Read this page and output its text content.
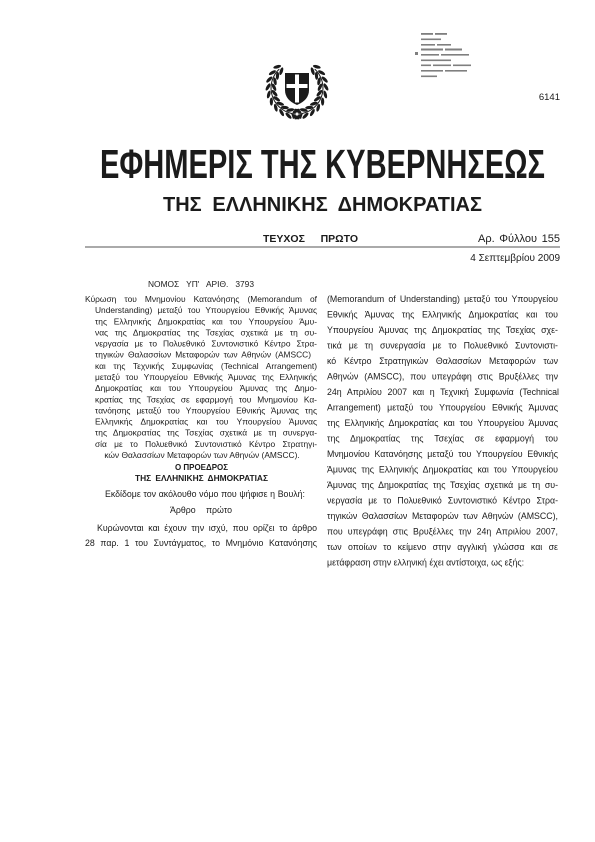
6141
ΕΦΗΜΕΡΙΣ ΤΗΣ ΚΥΒΕΡΝΗΣΕΩΣ
ΤΗΣ ΕΛΛΗΝΙΚΗΣ ΔΗΜΟΚΡΑΤΙΑΣ
ΤΕΥΧΟΣ ΠΡΩΤΟ	Αρ. Φύλλου 155
4 Σεπτεμβρίου 2009
ΝΟΜΟΣ ΥΠ' ΑΡΙΘ. 3793
Κύρωση του Μνημονίου Κατανόησης (Memorandum of
Understanding) μεταξύ του Υπουργείου Εθνικής Άμυνας
της Ελληνικής Δημοκρατίας και του Υπουργείου Άμυ-
νας της Δημοκρατίας της Τσεχίας σχετικά με τη συ-
νεργασία με το Πολυεθνικό Συντονιστικό Κέντρο Στρα-
τηγικών Θαλασσίων Μεταφορών των Αθηνών (AMSCC)
και της Τεχνικής Συμφωνίας (Technical Arrangement)
μεταξύ του Υπουργείου Εθνικής Άμυνας της Ελληνικής
Δημοκρατίας και του Υπουργείου Άμυνας της Δημο-
κρατίας της Τσεχίας σε εφαρμογή του Μνημονίου Κα-
τανόησης μεταξύ του Υπουργείου Εθνικής Άμυνας της
Ελληνικής Δημοκρατίας και του Υπουργείου Άμυνας
της Δημοκρατίας της Τσεχίας σχετικά με τη συνεργα-
σία με το Πολυεθνικό Συντονιστικό Κέντρο Στρατηγι-
κών Θαλασσίων Μεταφορών των Αθηνών (AMSCC).
Ο ΠΡΟΕΔΡΟΣ
ΤΗΣ ΕΛΛΗΝΙΚΗΣ ΔΗΜΟΚΡΑΤΙΑΣ
Εκδίδομε τον ακόλουθο νόμο που ψήφισε η Βουλή:
Άρθρο πρώτο
Κυρώνονται και έχουν την ισχύ, που ορίζει το άρθρο
28 παρ. 1 του Συντάγματος, το Μνημόνιο Κατανόησης
(Memorandum of Understanding) μεταξύ του Υπουργείου
Εθνικής Άμυνας της Ελληνικής Δημοκρατίας και του
Υπουργείου Άμυνας της Δημοκρατίας της Τσεχίας σχε-
τικά με τη συνεργασία με το Πολυεθνικό Συντονιστι-
κό Κέντρο Στρατηγικών Θαλασσίων Μεταφορών των
Αθηνών (AMSCC), που υπεγράφη στις Βρυξέλλες την
24η Απριλίου 2007 και η Τεχνική Συμφωνία (Technical
Arrangement) μεταξύ του Υπουργείου Εθνικής Άμυνας
της Ελληνικής Δημοκρατίας και του Υπουργείου Άμυνας
της Δημοκρατίας της Τσεχίας σε εφαρμογή του
Μνημονίου Κατανόησης μεταξύ του Υπουργείου Εθνικής
Άμυνας της Ελληνικής Δημοκρατίας και του Υπουργείου
Άμυνας της Δημοκρατίας της Τσεχίας σχετικά με τη συ-
νεργασία με το Πολυεθνικό Συντονιστικό Κέντρο Στρα-
τηγικών Θαλασσίων Μεταφορών των Αθηνών (AMSCC),
που υπεγράφη στις Βρυξέλλες την 24η Απριλίου 2007,
των οποίων το κείμενο στην αγγλική γλώσσα και σε
μετάφραση στην ελληνική έχει αντίστοιχα, ως εξής:
